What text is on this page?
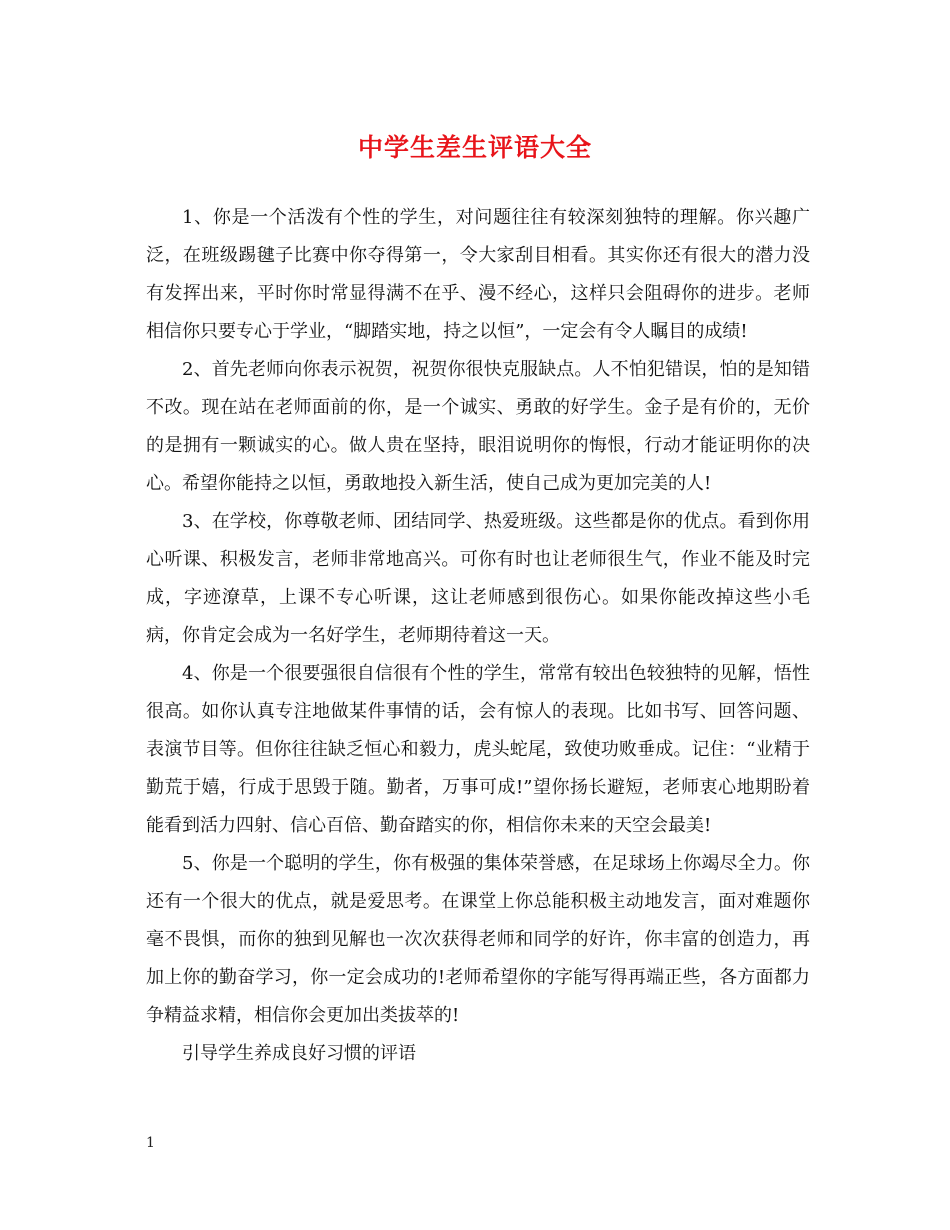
中学生差生评语大全

1、你是一个活泼有个性的学生，对问题往往有较深刻独特的理解。你兴趣广泛，在班级踢毽子比赛中你夺得第一，令大家刮目相看。其实你还有很大的潜力没有发挥出来，平时你时常显得满不在乎、漫不经心，这样只会阻碍你的进步。老师相信你只要专心于学业，“脚踏实地，持之以恒”，一定会有令人瞩目的成绩!

2、首先老师向你表示祝贺，祝贺你很快克服缺点。人不怕犯错误，怕的是知错不改。现在站在老师面前的你，是一个诚实、勇敢的好学生。金子是有价的，无价的是拥有一颗诚实的心。做人贵在坚持，眼泪说明你的悔恨，行动才能证明你的决心。希望你能持之以恒，勇敢地投入新生活，使自己成为更加完美的人!

3、在学校，你尊敬老师、团结同学、热爱班级。这些都是你的优点。看到你用心听课、积极发言，老师非常地高兴。可你有时也让老师很生气，作业不能及时完成，字迹潦草，上课不专心听课，这让老师感到很伤心。如果你能改掉这些小毛病，你肯定会成为一名好学生，老师期待着这一天。

4、你是一个很要强很自信很有个性的学生，常常有较出色较独特的见解，悟性很高。如你认真专注地做某件事情的话，会有惊人的表现。比如书写、回答问题、表演节目等。但你往往缺乏恒心和毅力，虎头蛇尾，致使功败垂成。记住：“业精于勤荒于嬉，行成于思毁于随。勤者，万事可成!”望你扬长避短，老师衷心地期盼着能看到活力四射、信心百倍、勤奋踏实的你，相信你未来的天空会最美!

5、你是一个聪明的学生，你有极强的集体荣誉感，在足球场上你竭尽全力。你还有一个很大的优点，就是爱思考。在课堂上你总能积极主动地发言，面对难题你毫不畏惧，而你的独到见解也一次次获得老师和同学的好许，你丰富的创造力，再加上你的勤奋学习，你一定会成功的!老师希望你的字能写得再端正些，各方面都力争精益求精，相信你会更加出类拔萃的!

引导学生养成良好习惯的评语

1
